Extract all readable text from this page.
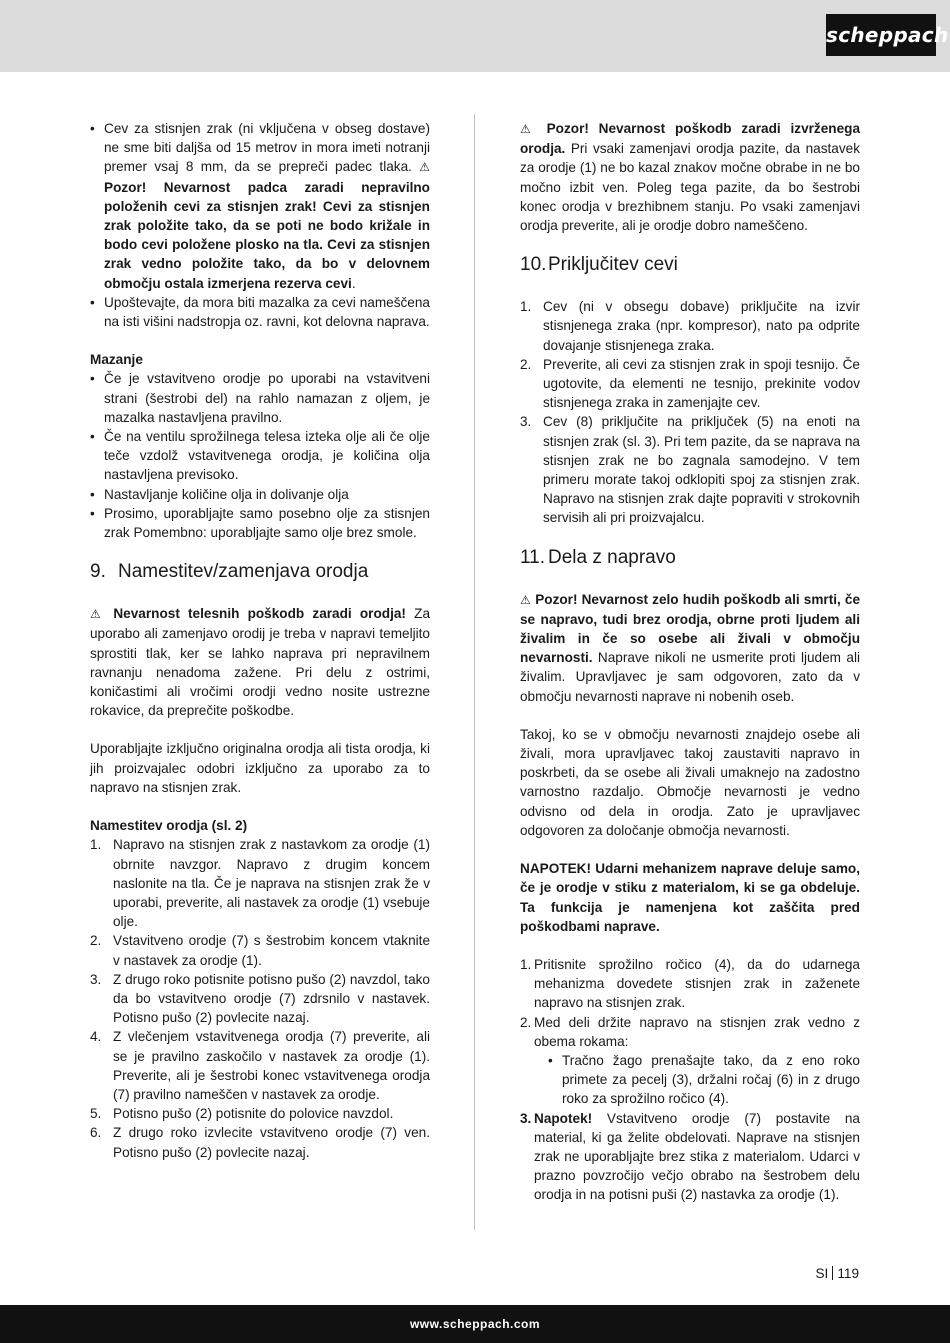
scheppach
• Cev za stisnjen zrak (ni vključena v obseg dostave) ne sme biti daljša od 15 metrov in mora imeti notranji premer vsaj 8 mm, da se prepreči padec tlaka. ⚠ Pozor! Nevarnost padca zaradi nepravilno položenih cevi za stisnjen zrak! Cevi za stisnjen zrak položite tako, da se poti ne bodo križale in bodo cevi položene plosko na tla. Cevi za stisnjen zrak vedno položite tako, da bo v delovnem območju ostala izmerjena rezerva cevi.
• Upoštevajte, da mora biti mazalka za cevi nameščena na isti višini nadstropja oz. ravni, kot delovna naprava.

Mazanje

• Če je vstavitveno orodje po uporabi na vstavitveni strani (šestrobi del) na rahlo namazan z oljem, je mazalka nastavljena pravilno.
• Če na ventilu sprožilnega telesa izteka olje ali če olje teče vzdolž vstavitvenega orodja, je količina olja nastavljena previsoko.
• Nastavljanje količine olja in dolivanje olja
• Prosimo, uporabljajte samo posebno olje za stisnjen zrak Pomembno: uporabljajte samo olje brez smole.
9. Namestitev/zamenjava orodja

⚠ Nevarnost telesnih poškodb zaradi orodja! Za uporabo ali zamenjavo orodij je treba v napravi temeljito sprostiti tlak, ker se lahko naprava pri nepravilnem ravnanju nenadoma zažene. Pri delu z ostrimi, koničastimi ali vročimi orodji vedno nosite ustrezne rokavice, da preprečite poškodbe.

Uporabljajte izključno originalna orodja ali tista orodja, ki jih proizvajalec odobri izključno za uporabo za to napravo na stisnjen zrak.

Namestitev orodja (sl. 2)

1. Napravo na stisnjen zrak z nastavkom za orodje (1) obrnite navzgor. Napravo z drugim koncem naslonite na tla. Če je naprava na stisnjen zrak že v uporabi, preverite, ali nastavek za orodje (1) vsebuje olje.
2. Vstavitveno orodje (7) s šestrobim koncem vtaknite v nastavek za orodje (1).
3. Z drugo roko potisnite potisno pušo (2) navzdol, tako da bo vstavitveno orodje (7) zdrsnilo v nastavek. Potisno pušo (2) povlecite nazaj.
4. Z vlečenjem vstavitvenega orodja (7) preverite, ali se je pravilno zaskočilo v nastavek za orodje (1). Preverite, ali je šestrobi konec vstavitvenega orodja (7) pravilno nameščen v nastavek za orodje.
5. Potisno pušo (2) potisnite do polovice navzdol.
6. Z drugo roko izvlecite vstavitveno orodje (7) ven. Potisno pušo (2) povlecite nazaj.

⚠ Pozor! Nevarnost poškodb zaradi izvrženega orodja. Pri vsaki zamenjavi orodja pazite, da nastavek za orodje (1) ne bo kazal znakov močne obrabe in ne bo močno izbit ven. Poleg tega pazite, da bo šestrobi konec orodja v brezhibnem stanju. Po vsaki zamenjavi orodja preverite, ali je orodje dobro nameščeno.

10.Priključitev cevi
1. Cev (ni v obsegu dobave) priključite na izvir stisnjenega zraka (npr. kompresor), nato pa odprite dovajanje stisnjenega zraka.
2. Preverite, ali cevi za stisnjen zrak in spoji tesnijo. Če ugotovite, da elementi ne tesnijo, prekinite vodov stisnjenega zraka in zamenjajte cev.
3. Cev (8) priključite na priključek (5) na enoti na stisnjen zrak (sl. 3). Pri tem pazite, da se naprava na stisnjen zrak ne bo zagnala samodejno. V tem primeru morate takoj odklopiti spoj za stisnjen zrak. Napravo na stisnjen zrak dajte popraviti v strokovnih servisih ali pri proizvajalcu.
11. Dela z napravo

⚠ Pozor! Nevarnost zelo hudih poškodb ali smrti, če se napravo, tudi brez orodja, obrne proti ljudem ali živalim in če so osebe ali živali v območju nevarnosti. Naprave nikoli ne usmerite proti ljudem ali živalim. Upravljavec je sam odgovoren, zato da v območju nevarnosti naprave ni nobenih oseb.

Takoj, ko se v območju nevarnosti znajdejo osebe ali živali, mora upravljavec takoj zaustaviti napravo in poskrbeti, da se osebe ali živali umaknejo na zadostno varnostno razdaljo. Območje nevarnosti je vedno odvisno od dela in orodja. Zato je upravljavec odgovoren za določanje območja nevarnosti.

NAPOTEK! Udarni mehanizem naprave deluje samo, če je orodje v stiku z materialom, ki se ga obdeluje. Ta funkcija je namenjena kot zaščita pred poškodbami naprave.

1. Pritisnite sprožilno ročico (4), da do udarnega mehanizma dovedete stisnjen zrak in zaženete napravo na stisnjen zrak.
2. Med deli držite napravo na stisnjen zrak vedno z obema rokama:
• Tračno žago prenašajte tako, da z eno roko primete za pecelj (3), držalni ročaj (6) in z drugo roko za sprožilno ročico (4).
3. Napotek! Vstavitveno orodje (7) postavite na material, ki ga želite obdelovati. Naprave na stisnjen zrak ne uporabljajte brez stika z materialom. Udarci v prazno povzročijo večjo obrabo na šestrobem delu orodja in na potisni puši (2) nastavka za orodje (1).
SI 119
www.scheppach.com
